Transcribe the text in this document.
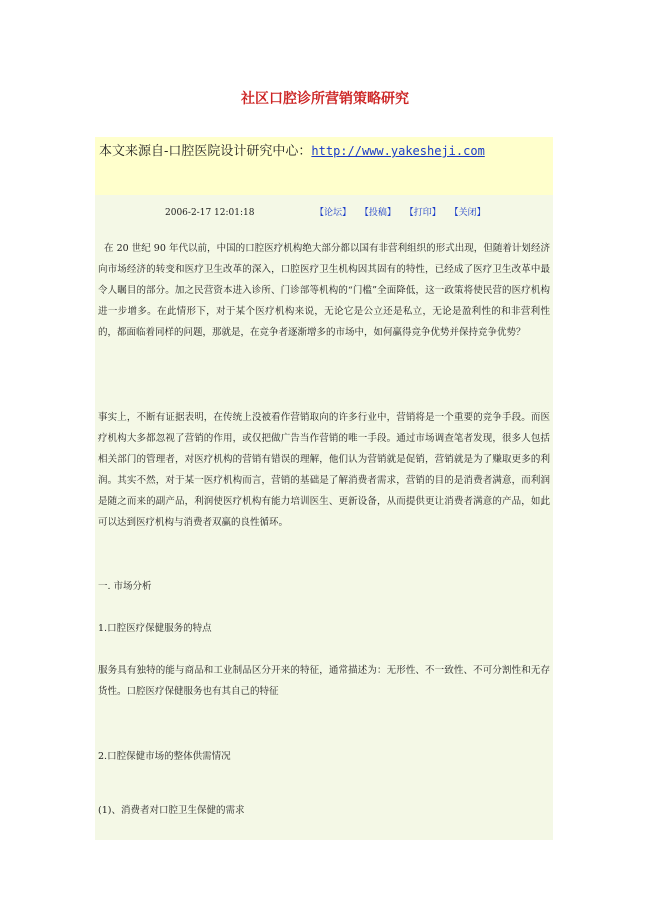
社区口腔诊所营销策略研究
本文来源自-口腔医院设计研究中心：http://www.yakesheji.com
2006-2-17 12:01:18	【论坛】 【投稿】 【打印】 【关闭】

在 20 世纪 90 年代以前，中国的口腔医疗机构绝大部分都以国有非营利组织的形式出现，但随着计划经济向市场经济的转变和医疗卫生改革的深入，口腔医疗卫生机构因其固有的特性，已经成了医疗卫生改革中最令人瞩目的部分。加之民营资本进入诊所、门诊部等机构的“门槛”全面降低，这一政策将使民营的医疗机构进一步增多。在此情形下，对于某个医疗机构来说，无论它是公立还是私立，无论是盈利性的和非营利性的，都面临着同样的问题，那就是，在竞争者逐渐增多的市场中，如何赢得竞争优势并保持竞争优势？

事实上，不断有证据表明，在传统上没被看作营销取向的许多行业中，营销将是一个重要的竞争手段。而医疗机构大多都忽视了营销的作用，或仅把做广告当作营销的唯一手段。通过市场调查笔者发现，很多人包括相关部门的管理者，对医疗机构的营销有错误的理解，他们认为营销就是促销，营销就是为了赚取更多的利润。其实不然，对于某一医疗机构而言，营销的基础是了解消费者需求，营销的目的是消费者满意，而利润是随之而来的副产品，利润使医疗机构有能力培训医生、更新设备，从而提供更让消费者满意的产品，如此可以达到医疗机构与消费者双赢的良性循环。

一. 市场分析

1.口腔医疗保健服务的特点

服务具有独特的能与商品和工业制品区分开来的特征，通常描述为：无形性、不一致性、不可分割性和无存货性。口腔医疗保健服务也有其自己的特征

2.口腔保健市场的整体供需情况

(1)、消费者对口腔卫生保健的需求
